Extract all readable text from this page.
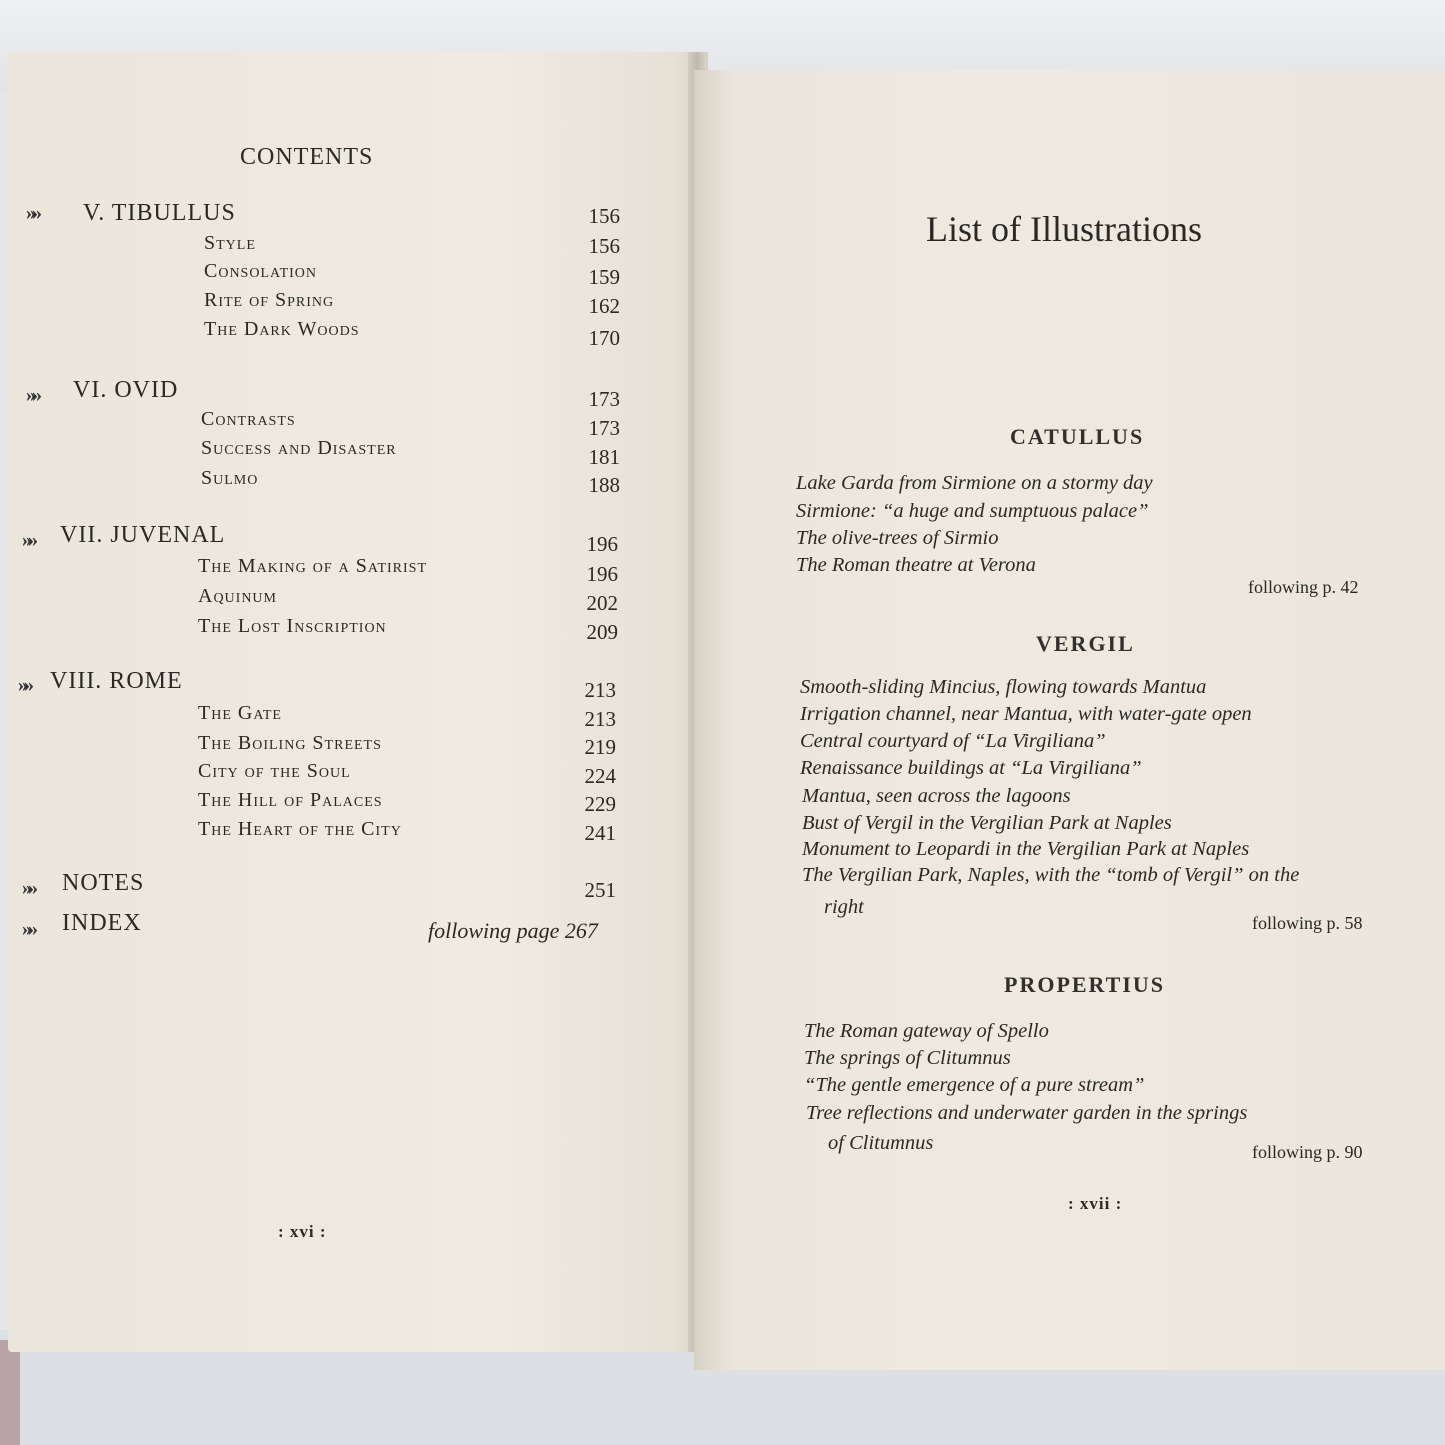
CONTENTS
»» V. TIBULLUS	156
Style	156
Consolation	159
Rite of Spring	162
The Dark Woods	170
»» VI. OVID	173
Contrasts	173
Success and Disaster	181
Sulmo	188
»» VII. JUVENAL	196
The Making of a Satirist	196
Aquinum	202
The Lost Inscription	209
»» VIII. ROME	213
The Gate	213
The Boiling Streets	219
City of the Soul	224
The Hill of Palaces	229
The Heart of the City	241
»» NOTES	251
»» INDEX	following page 267
: xvi :
List of Illustrations
CATULLUS
Lake Garda from Sirmione on a stormy day
Sirmione: “a huge and sumptuous palace”
The olive-trees of Sirmio
The Roman theatre at Verona
following p. 42
VERGIL
Smooth-sliding Mincius, flowing towards Mantua
Irrigation channel, near Mantua, with water-gate open
Central courtyard of “La Virgiliana”
Renaissance buildings at “La Virgiliana”
Mantua, seen across the lagoons
Bust of Vergil in the Vergilian Park at Naples
Monument to Leopardi in the Vergilian Park at Naples
The Vergilian Park, Naples, with the “tomb of Vergil” on the
right
following p. 58
PROPERTIUS
The Roman gateway of Spello
The springs of Clitumnus
“The gentle emergence of a pure stream”
Tree reflections and underwater garden in the springs
of Clitumnus	following p. 90
: xvii :
